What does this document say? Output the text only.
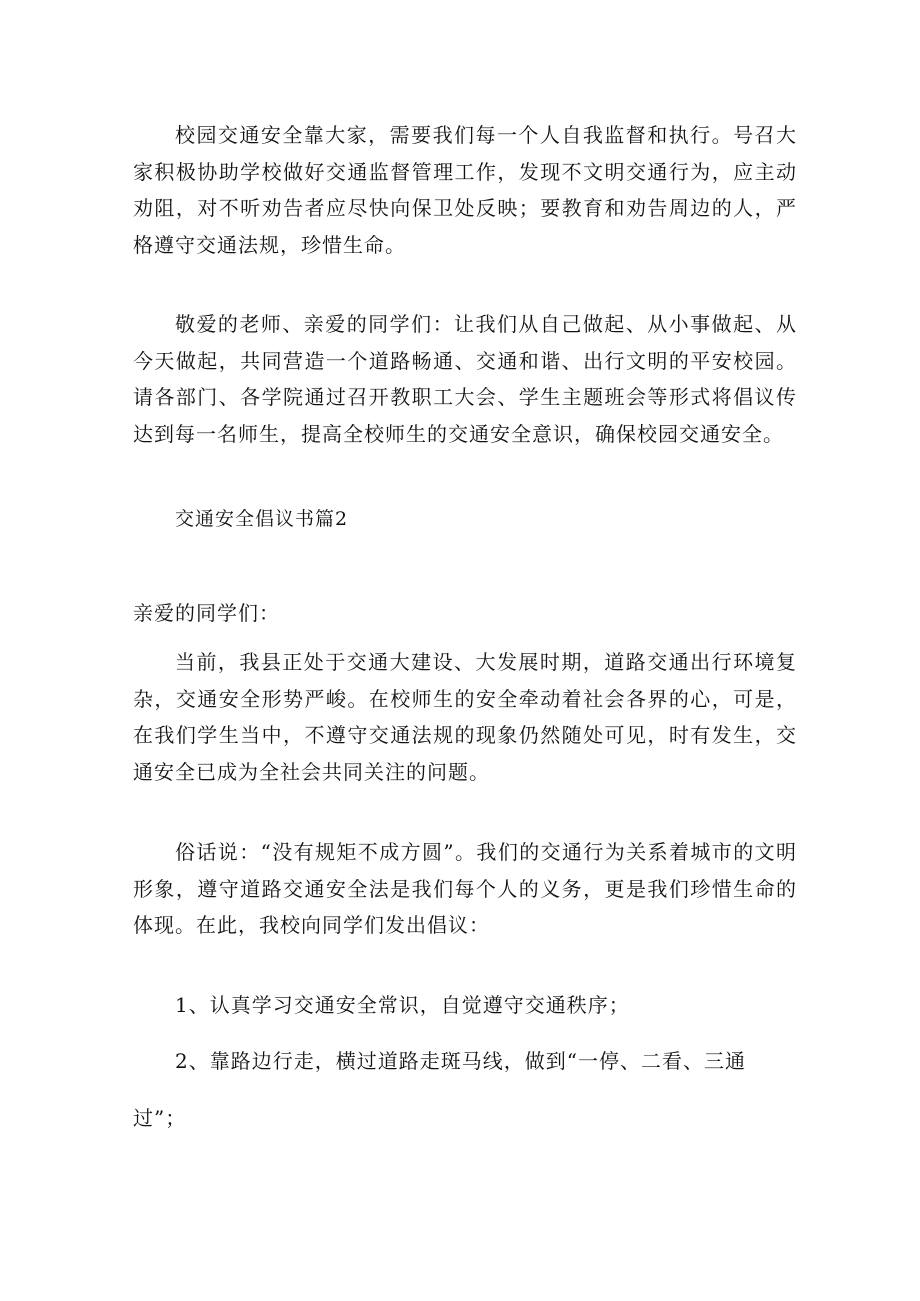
校园交通安全靠大家，需要我们每一个人自我监督和执行。号召大家积极协助学校做好交通监督管理工作，发现不文明交通行为，应主动劝阻，对不听劝告者应尽快向保卫处反映；要教育和劝告周边的人，严格遵守交通法规，珍惜生命。

敬爱的老师、亲爱的同学们：让我们从自己做起、从小事做起、从今天做起，共同营造一个道路畅通、交通和谐、出行文明的平安校园。请各部门、各学院通过召开教职工大会、学生主题班会等形式将倡议传达到每一名师生，提高全校师生的交通安全意识，确保校园交通安全。

交通安全倡议书篇2

亲爱的同学们：

当前，我县正处于交通大建设、大发展时期，道路交通出行环境复杂，交通安全形势严峻。在校师生的安全牵动着社会各界的心，可是，在我们学生当中，不遵守交通法规的现象仍然随处可见，时有发生，交通安全已成为全社会共同关注的问题。

俗话说：“没有规矩不成方圆”。我们的交通行为关系着城市的文明形象，遵守道路交通安全法是我们每个人的义务，更是我们珍惜生命的体现。在此，我校向同学们发出倡议：

1、认真学习交通安全常识，自觉遵守交通秩序；

2、靠路边行走，横过道路走斑马线，做到“一停、二看、三通

过”；
